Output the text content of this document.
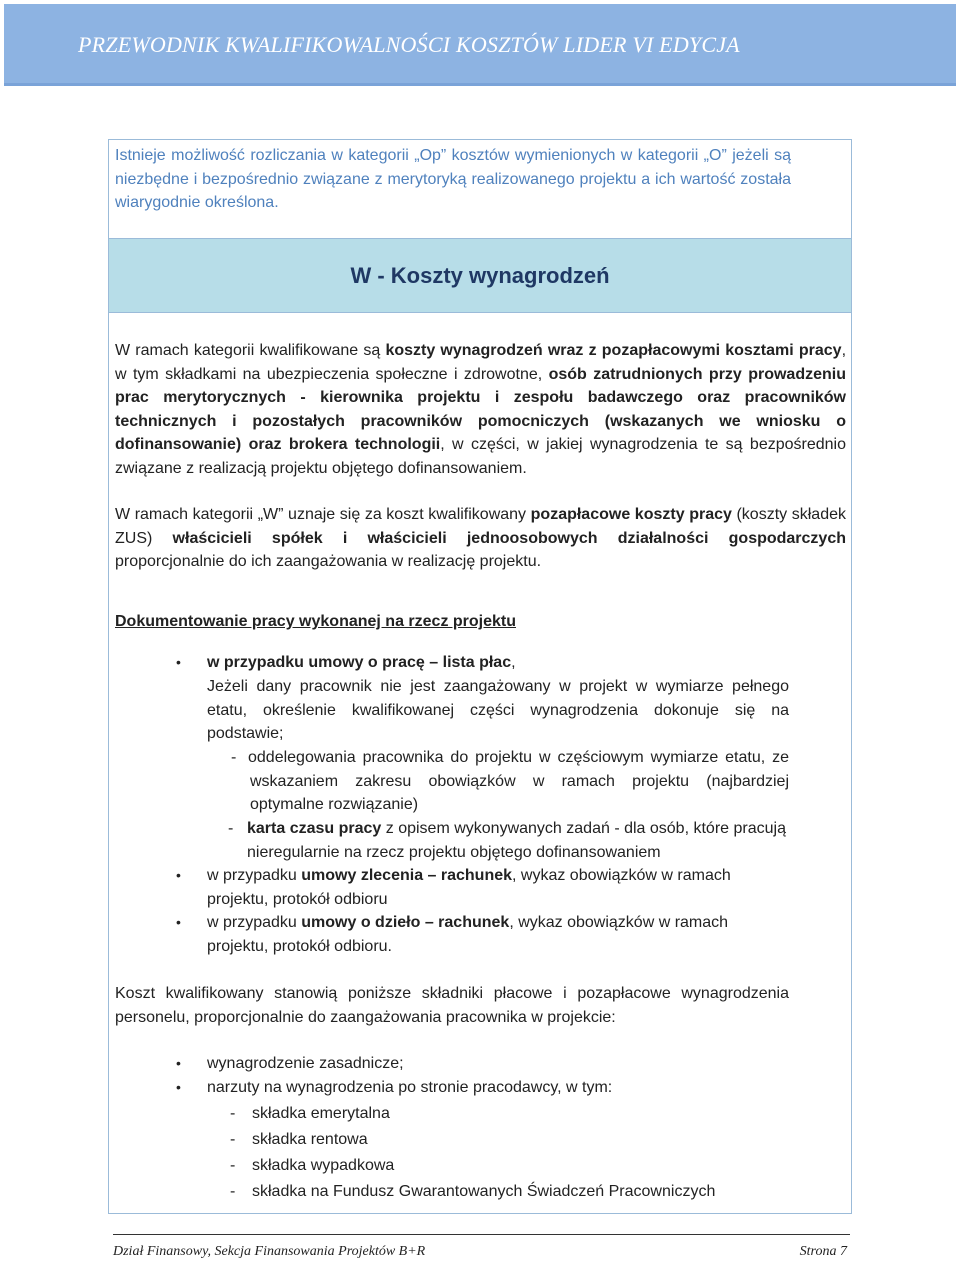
PRZEWODNIK KWALIFIKOWALNOŚCI KOSZTÓW LIDER VI EDYCJA
Istnieje możliwość rozliczania w kategorii „Op” kosztów wymienionych w kategorii „O” jeżeli są niezbędne i bezpośrednio związane z merytoryką realizowanego projektu a ich wartość została wiarygodnie określona.
W - Koszty wynagrodzeń
W ramach kategorii kwalifikowane są koszty wynagrodzeń wraz z pozapłacowymi kosztami pracy, w tym składkami na ubezpieczenia społeczne i zdrowotne, osób zatrudnionych przy prowadzeniu prac merytorycznych - kierownika projektu i zespołu badawczego oraz pracowników technicznych i pozostałych pracowników pomocniczych (wskazanych we wniosku o dofinansowanie) oraz brokera technologii, w części, w jakiej wynagrodzenia te są bezpośrednio związane z realizacją projektu objętego dofinansowaniem.
W ramach kategorii „W” uznaje się za koszt kwalifikowany pozapłacowe koszty pracy (koszty składek ZUS) właścicieli spółek i właścicieli jednoosobowych działalności gospodarczych proporcjonalnie do ich zaangażowania w realizację projektu.
Dokumentowanie pracy wykonanej na rzecz projektu
• w przypadku umowy o pracę – lista płac,
Jeżeli dany pracownik nie jest zaangażowany w projekt w wymiarze pełnego etatu, określenie kwalifikowanej części wynagrodzenia dokonuje się na podstawie;
- oddelegowania pracownika do projektu w częściowym wymiarze etatu, ze wskazaniem zakresu obowiązków w ramach projektu (najbardziej optymalne rozwiązanie)
- karta czasu pracy z opisem wykonywanych zadań - dla osób, które pracują nieregularnie na rzecz projektu objętego dofinansowaniem
• w przypadku umowy zlecenia – rachunek, wykaz obowiązków w ramach projektu, protokół odbioru
• w przypadku umowy o dzieło – rachunek, wykaz obowiązków w ramach projektu, protokół odbioru.
Koszt kwalifikowany stanowią poniższe składniki płacowe i pozapłacowe wynagrodzenia personelu, proporcjonalnie do zaangażowania pracownika w projekcie:
• wynagrodzenie zasadnicze;
• narzuty na wynagrodzenia po stronie pracodawcy, w tym:
- składka emerytalna
- składka rentowa
- składka wypadkowa
- składka na Fundusz Gwarantowanych Świadczeń Pracowniczych
Dział Finansowy, Sekcja Finansowania Projektów B+R	Strona 7
